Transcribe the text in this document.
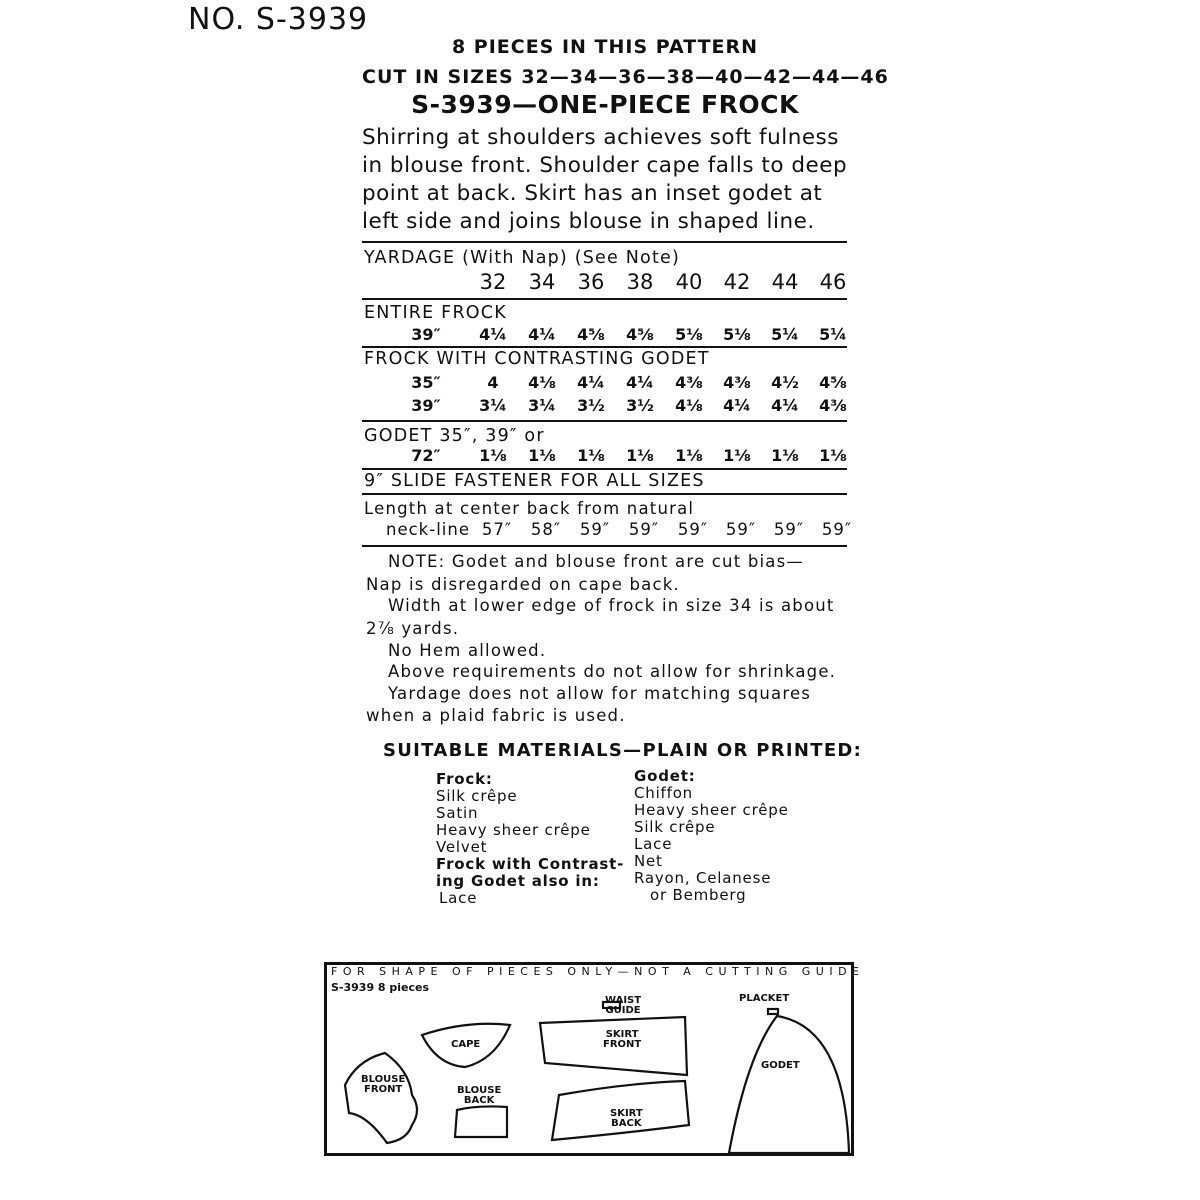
NO. S-3939
8 PIECES IN THIS PATTERN
CUT IN SIZES 32—34—36—38—40—42—44—46
S-3939—ONE-PIECE FROCK
Shirring at shoulders achieves soft fulness in blouse front. Shoulder cape falls to deep point at back. Skirt has an inset godet at left side and joins blouse in shaped line.
YARDAGE (With Nap) (See Note)
32	34	36	38	40	42	44	46
ENTIRE FROCK
39″	4¼	4¼	4⅝	4⅝	5⅛	5⅛	5¼	5¼
FROCK WITH CONTRASTING GODET
35″	4	4⅛	4¼	4¼	4⅜	4⅜	4½	4⅝
39″	3¼	3¼	3½	3½	4⅛	4¼	4¼	4⅜
GODET 35″, 39″ or
72″	1⅛	1⅛	1⅛	1⅛	1⅛	1⅛	1⅛	1⅛
9″ SLIDE FASTENER FOR ALL SIZES
Length at center back from natural
neck-line 57″	58″	59″	59″	59″	59″	59″	59″
NOTE: Godet and blouse front are cut bias—
Nap is disregarded on cape back.
Width at lower edge of frock in size 34 is about
2⅞ yards.
No Hem allowed.
Above requirements do not allow for shrinkage.
Yardage does not allow for matching squares
when a plaid fabric is used.
SUITABLE MATERIALS—PLAIN OR PRINTED:
Frock:
Silk crêpe
Satin
Heavy sheer crêpe
Velvet
Frock with Contrast-
ing Godet also in:
Lace
Godet:
Chiffon
Heavy sheer crêpe
Silk crêpe
Lace
Net
Rayon, Celanese
or Bemberg
FOR SHAPE OF PIECES ONLY—NOT A CUTTING GUIDE
S-3939 8 pieces
WAIST
GUIDE
PLACKET
CAPE
SKIRT
FRONT
GODET
BLOUSE
FRONT	BLOUSE
BACK
SKIRT
BACK
